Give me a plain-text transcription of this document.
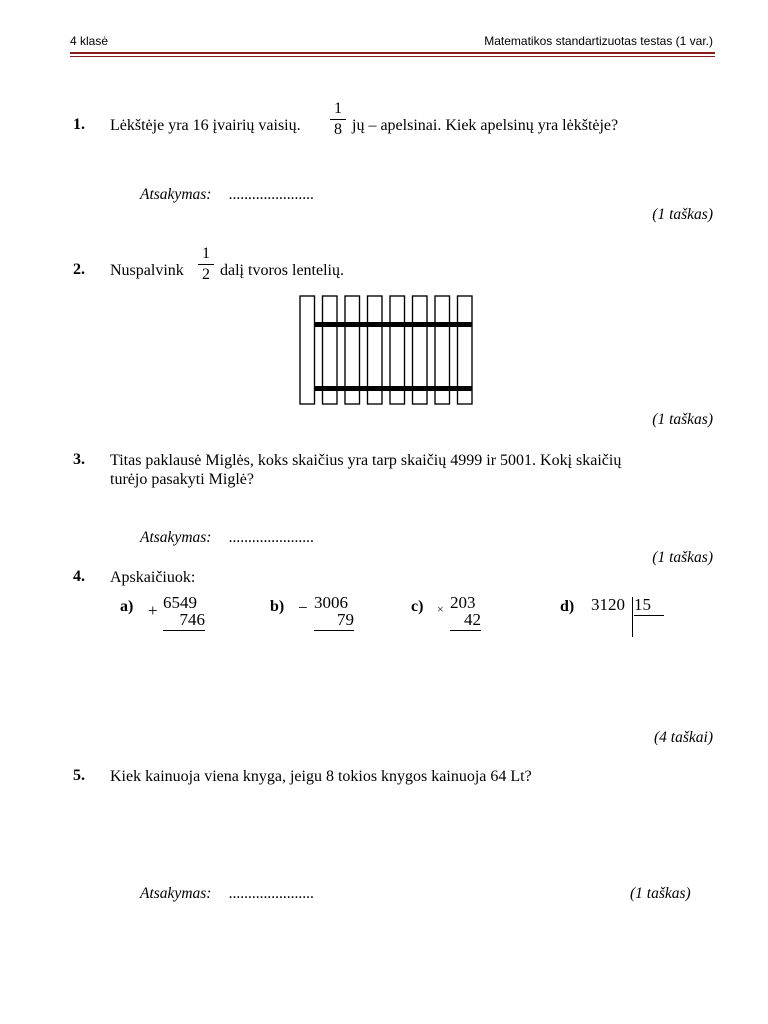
4 klasė	Matematikos standartizuotas testas (1 var.)
1. Lėkštėje yra 16 įvairių vaisių.
1
8 jų – apelsinai. Kiek apelsinų yra lėkštėje?
Atsakymas: ......................
(1 taškas)
2. Nuspalvink
1
2 dalį tvoros lentelių.
(1 taškas)
3. Titas paklausė Miglės, koks skaičius yra tarp skaičių 4999 ir 5001. Kokį skaičių
turėjo pasakyti Miglė?
Atsakymas: ......................
(1 taškas)
4. Apskaičiuok:
a) + 6549
746
b) − 3006
79
c) × 203
42
d) 3120 15
(4 taškai)
5. Kiek kainuoja viena knyga, jeigu 8 tokios knygos kainuoja 64 Lt?
Atsakymas: ......................	(1 taškas)
